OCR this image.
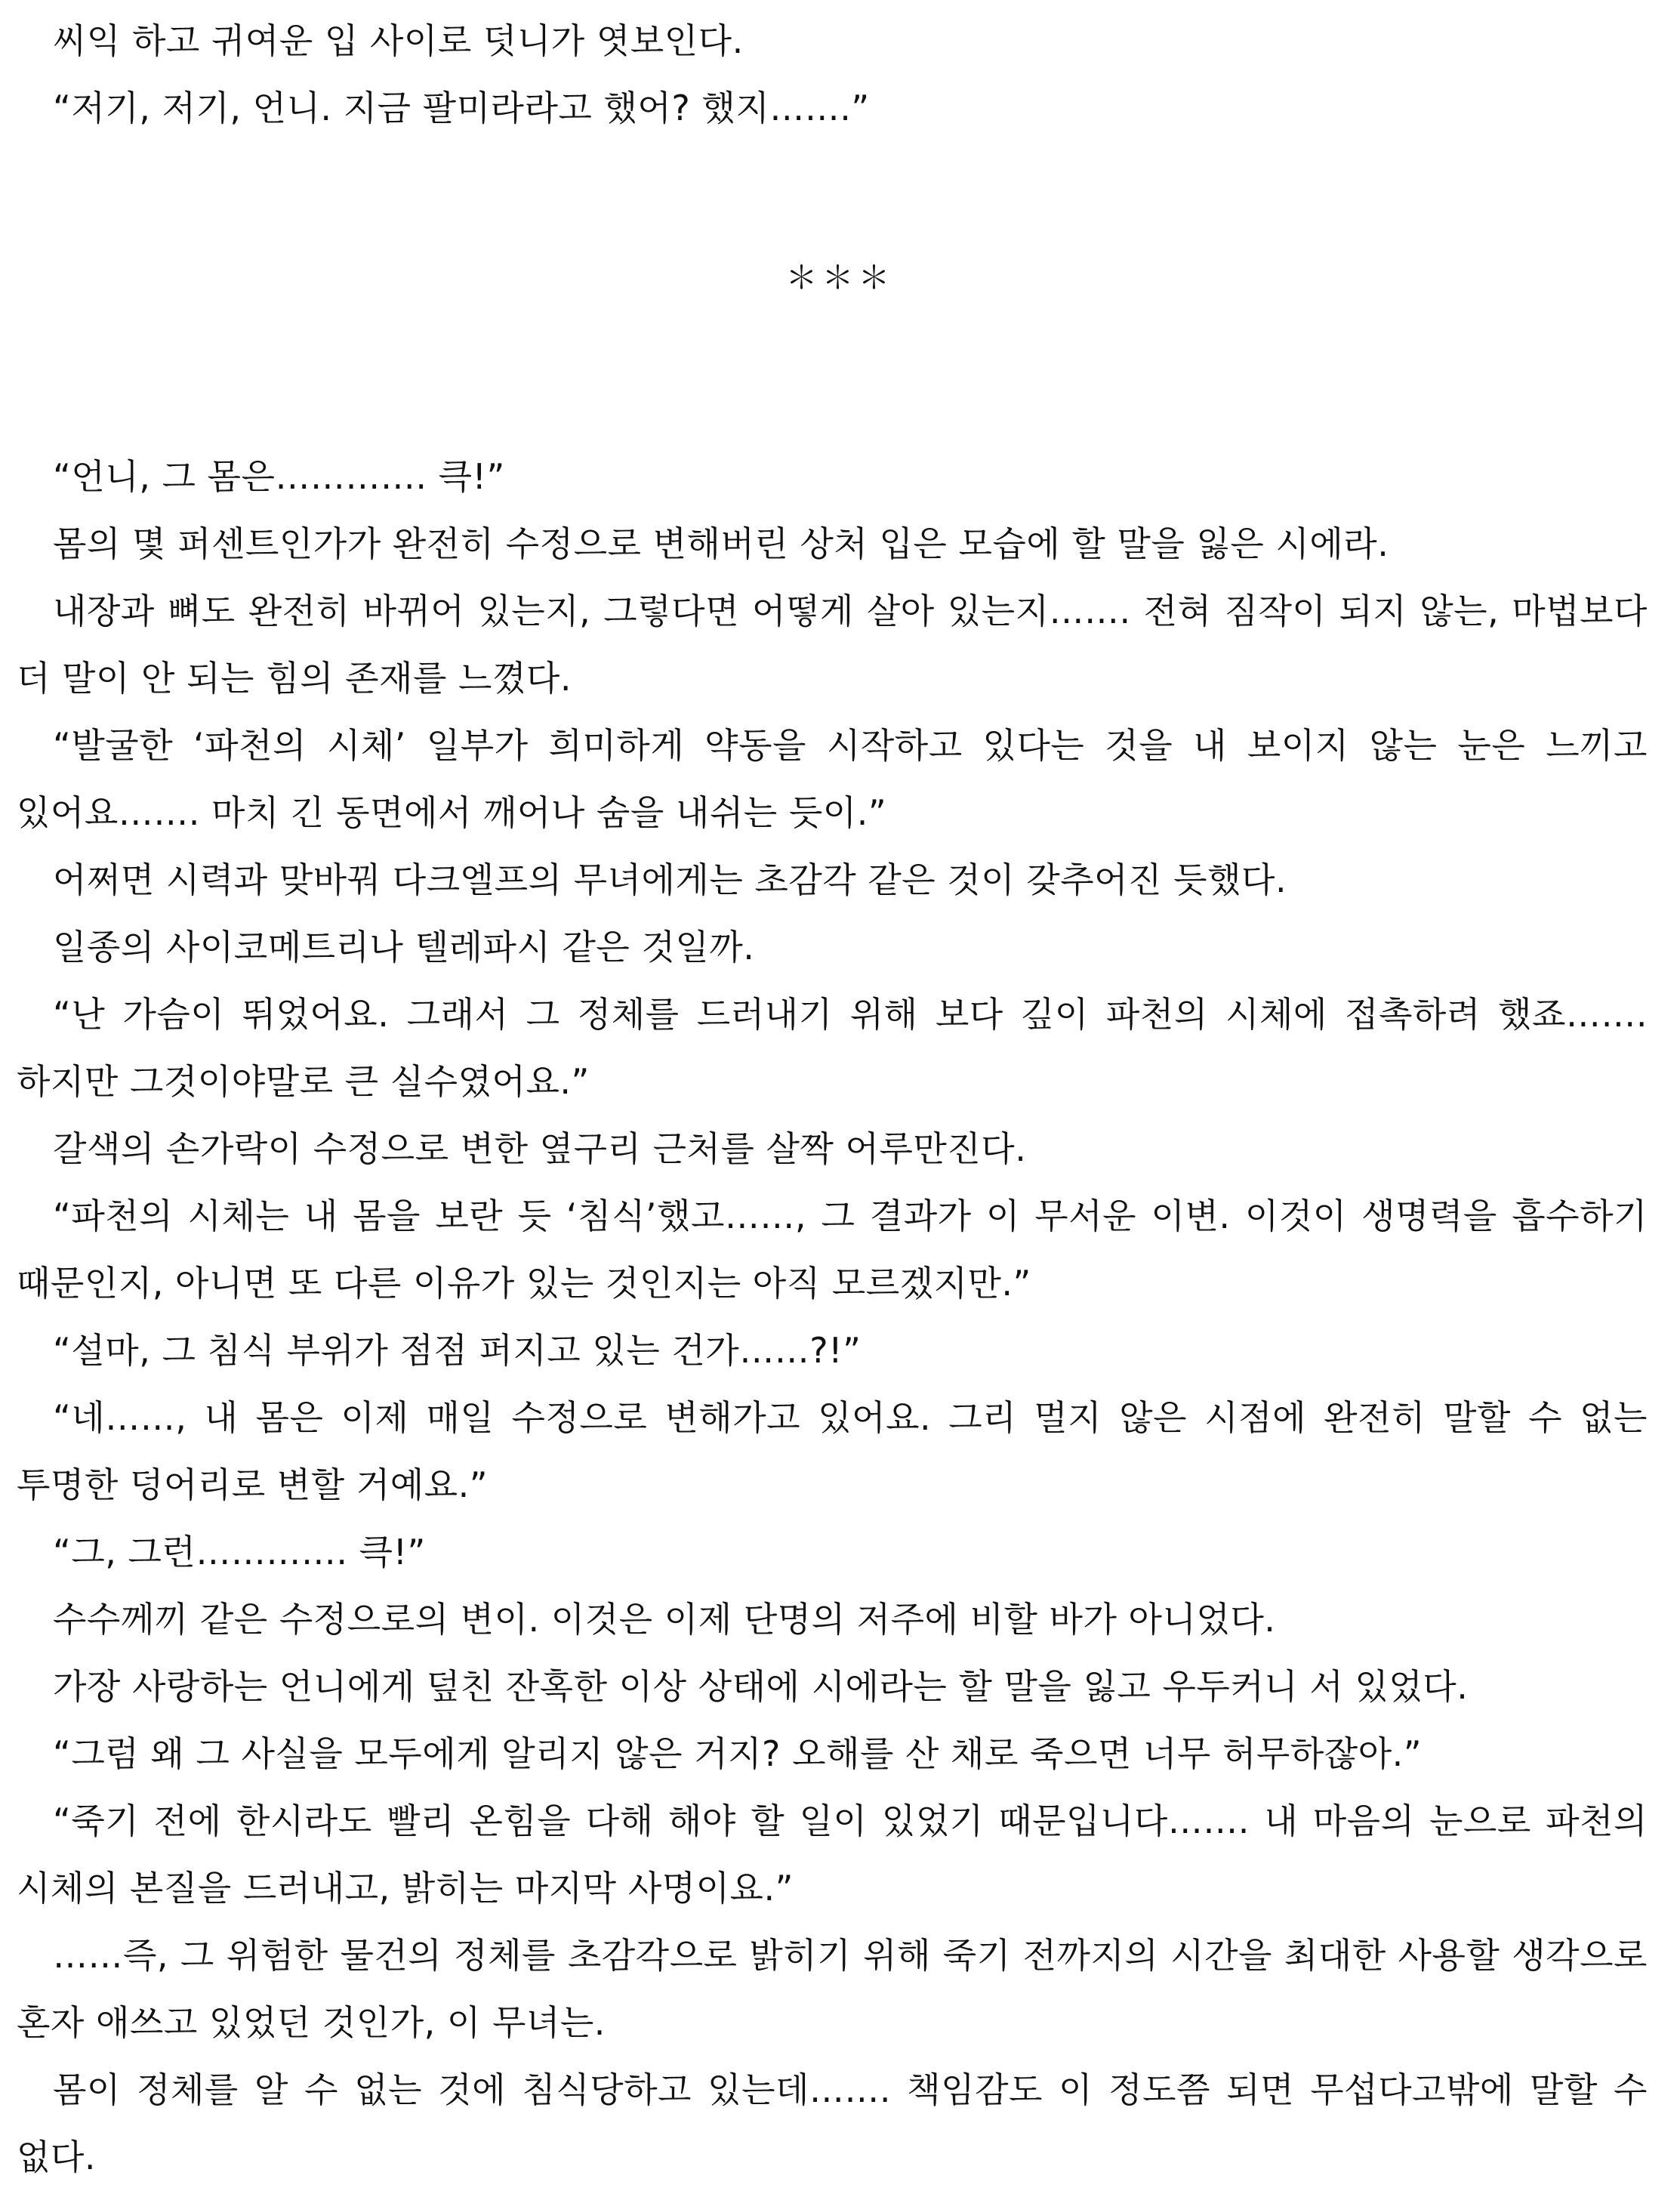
씨익 하고 귀여운 입 사이로 덧니가 엿보인다.

“저기, 저기, 언니. 지금 팔미라라고 했어? 했지…….”

＊＊＊

“언니, 그 몸은…………. 큭!”

몸의 몇 퍼센트인가가 완전히 수정으로 변해버린 상처 입은 모습에 할 말을 잃은 시에라.

내장과 뼈도 완전히 바뀌어 있는지, 그렇다면 어떻게 살아 있는지……. 전혀 짐작이 되지 않는, 마법보다 더 말이 안 되는 힘의 존재를 느꼈다.

“발굴한 ‘파천의 시체’ 일부가 희미하게 약동을 시작하고 있다는 것을 내 보이지 않는 눈은 느끼고 있어요……. 마치 긴 동면에서 깨어나 숨을 내쉬는 듯이.”

어쩌면 시력과 맞바꿔 다크엘프의 무녀에게는 초감각 같은 것이 갖추어진 듯했다.

일종의 사이코메트리나 텔레파시 같은 것일까.

“난 가슴이 뛰었어요. 그래서 그 정체를 드러내기 위해 보다 깊이 파천의 시체에 접촉하려 했죠……. 하지만 그것이야말로 큰 실수였어요.”

갈색의 손가락이 수정으로 변한 옆구리 근처를 살짝 어루만진다.

“파천의 시체는 내 몸을 보란 듯 ‘침식’했고……, 그 결과가 이 무서운 이변. 이것이 생명력을 흡수하기 때문인지, 아니면 또 다른 이유가 있는 것인지는 아직 모르겠지만.”

“설마, 그 침식 부위가 점점 퍼지고 있는 건가……?!”

“네……, 내 몸은 이제 매일 수정으로 변해가고 있어요. 그리 멀지 않은 시점에 완전히 말할 수 없는 투명한 덩어리로 변할 거예요.”

“그, 그런…………. 큭!”

수수께끼 같은 수정으로의 변이. 이것은 이제 단명의 저주에 비할 바가 아니었다.

가장 사랑하는 언니에게 덮친 잔혹한 이상 상태에 시에라는 할 말을 잃고 우두커니 서 있었다.

“그럼 왜 그 사실을 모두에게 알리지 않은 거지? 오해를 산 채로 죽으면 너무 허무하잖아.”

“죽기 전에 한시라도 빨리 온힘을 다해 해야 할 일이 있었기 때문입니다……. 내 마음의 눈으로 파천의 시체의 본질을 드러내고, 밝히는 마지막 사명이요.”

……즉, 그 위험한 물건의 정체를 초감각으로 밝히기 위해 죽기 전까지의 시간을 최대한 사용할 생각으로 혼자 애쓰고 있었던 것인가, 이 무녀는.

몸이 정체를 알 수 없는 것에 침식당하고 있는데……. 책임감도 이 정도쯤 되면 무섭다고밖에 말할 수 없다.
